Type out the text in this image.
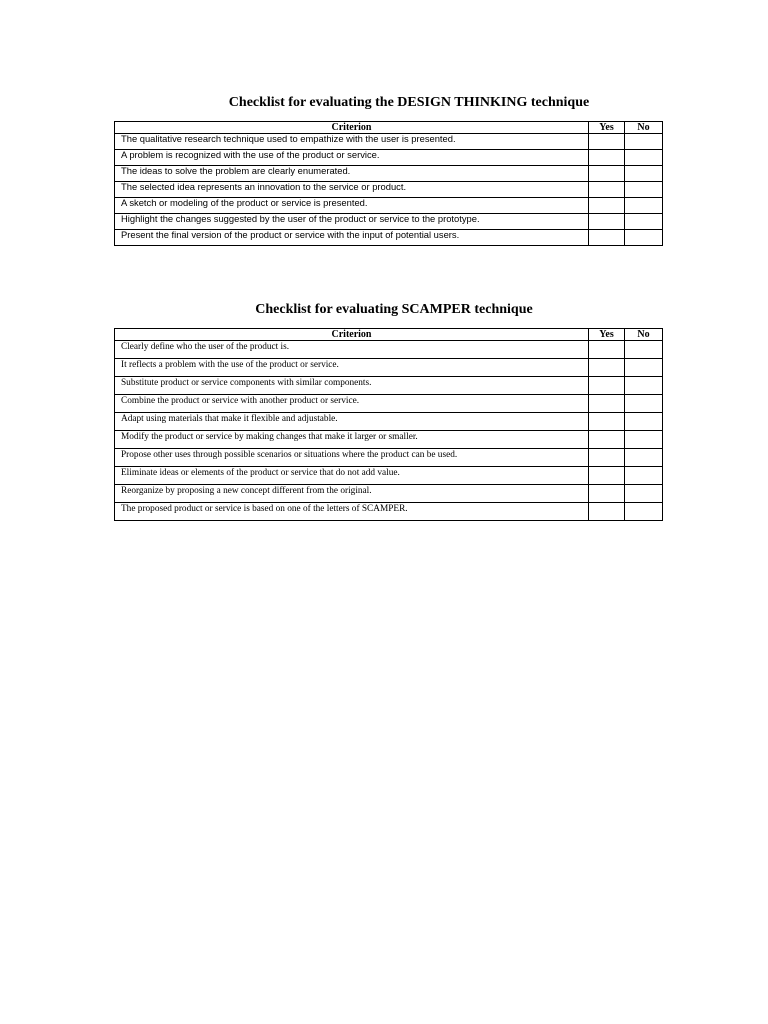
Checklist for evaluating the DESIGN THINKING technique
Criterion	Yes	No
The qualitative research technique used to empathize with the user is presented.		
A problem is recognized with the use of the product or service.		
The ideas to solve the problem are clearly enumerated.		
The selected idea represents an innovation to the service or product.		
A sketch or modeling of the product or service is presented.		
Highlight the changes suggested by the user of the product or service to the prototype.		
Present the final version of the product or service with the input of potential users.		
Checklist for evaluating SCAMPER technique
Criterion	Yes	No
Clearly define who the user of the product is.		
It reflects a problem with the use of the product or service.		
Substitute product or service components with similar components.		
Combine the product or service with another product or service.		
Adapt using materials that make it flexible and adjustable.		
Modify the product or service by making changes that make it larger or smaller.		
Propose other uses through possible scenarios or situations where the product can be used.		
Eliminate ideas or elements of the product or service that do not add value.		
Reorganize by proposing a new concept different from the original.		
The proposed product or service is based on one of the letters of SCAMPER.		
